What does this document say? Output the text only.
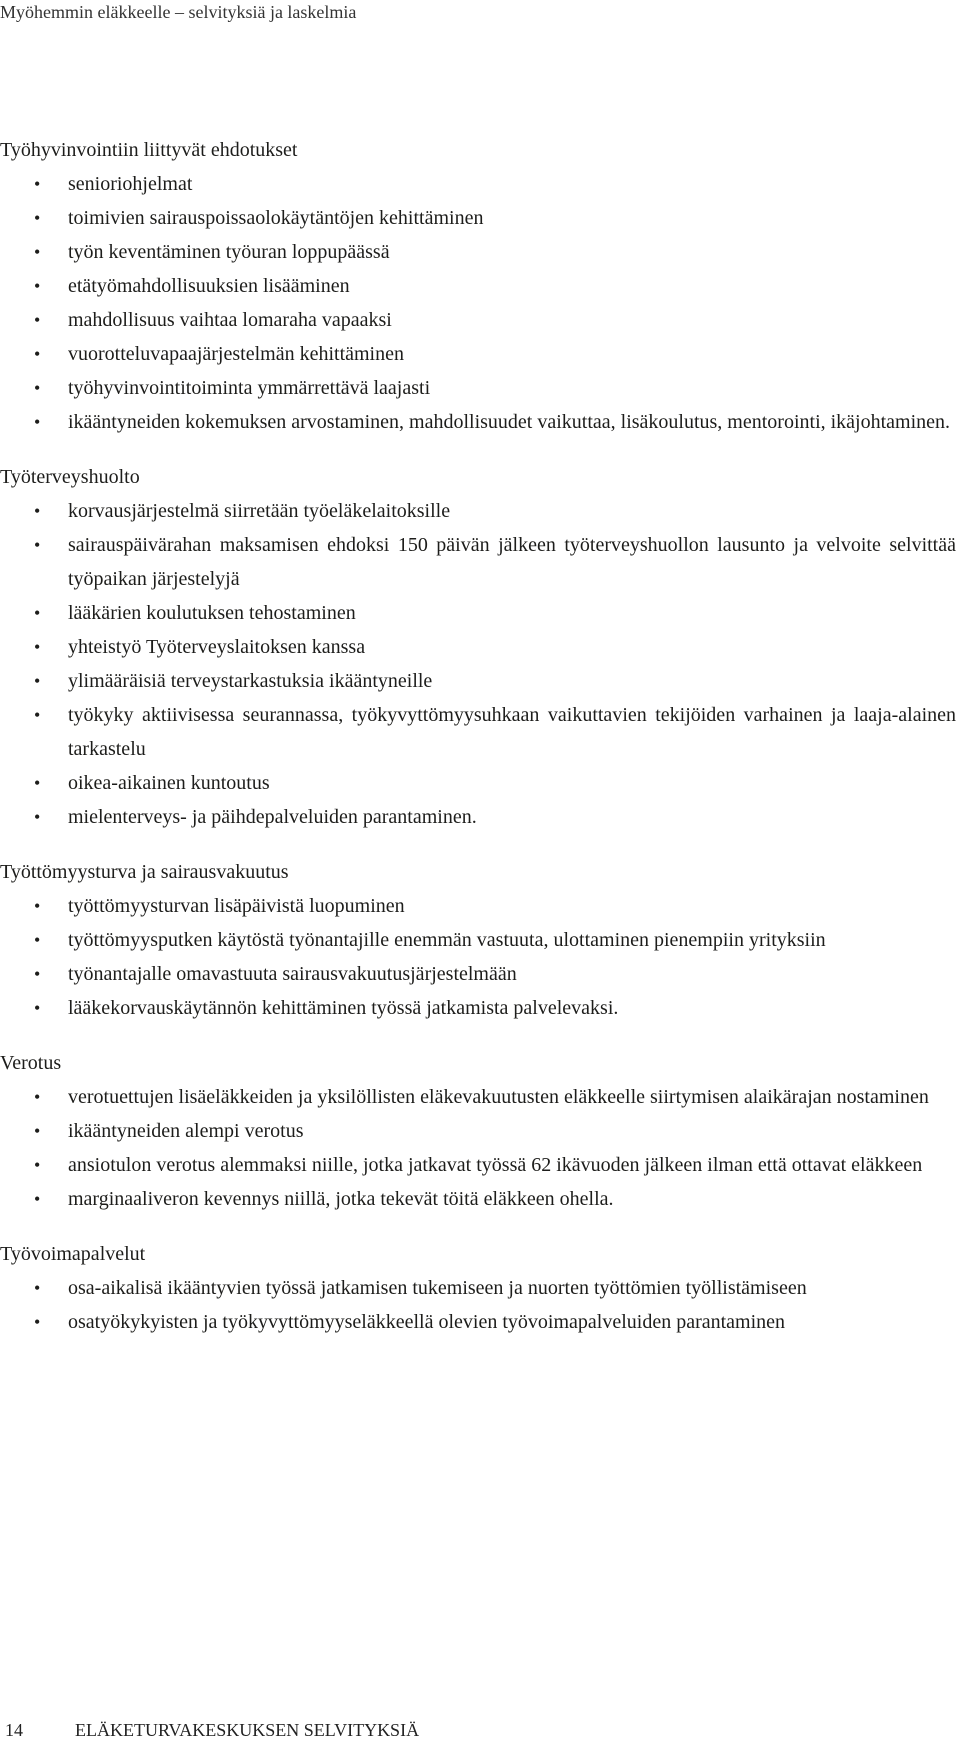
Myöhemmin eläkkeelle – selvityksiä ja laskelmia
Työhyvinvointiin liittyvät ehdotukset
• senioriohjelmat
• toimivien sairauspoissaolokäytäntöjen kehittäminen
• työn keventäminen työuran loppupäässä
• etätyömahdollisuuksien lisääminen
• mahdollisuus vaihtaa lomaraha vapaaksi
• vuorotteluvapaajärjestelmän kehittäminen
• työhyvinvointitoiminta ymmärrettävä laajasti
• ikääntyneiden kokemuksen arvostaminen, mahdollisuudet vaikuttaa, lisäkoulutus, mentorointi, ikäjohtaminen.
Työterveyshuolto
• korvausjärjestelmä siirretään työeläkelaitoksille
• sairauspäivärahan maksamisen ehdoksi 150 päivän jälkeen työterveyshuollon lausunto ja velvoite selvittää työpaikan järjestelyjä
• lääkärien koulutuksen tehostaminen
• yhteistyö Työterveyslaitoksen kanssa
• ylimääräisiä terveystarkastuksia ikääntyneille
• työkyky aktiivisessa seurannassa, työkyvyttömyysuhkaan vaikuttavien tekijöiden varhainen ja laaja-alainen tarkastelu
• oikea-aikainen kuntoutus
• mielenterveys- ja päihdepalveluiden parantaminen.
Työttömyysturva ja sairausvakuutus
• työttömyysturvan lisäpäivistä luopuminen
• työttömyysputken käytöstä työnantajille enemmän vastuuta, ulottaminen pienempiin yrityksiin
• työnantajalle omavastuuta sairausvakuutusjärjestelmään
• lääkekorvauskäytännön kehittäminen työssä jatkamista palvelevaksi.
Verotus
• verotuettujen lisäeläkkeiden ja yksilöllisten eläkevakuutusten eläkkeelle siirtymisen alaikärajan nostaminen
• ikääntyneiden alempi verotus
• ansiotulon verotus alemmaksi niille, jotka jatkavat työssä 62 ikävuoden jälkeen ilman että ottavat eläkkeen
• marginaaliveron kevennys niillä, jotka tekevät töitä eläkkeen ohella.
Työvoimapalvelut
• osa-aikalisä ikääntyvien työssä jatkamisen tukemiseen ja nuorten työttömien työllistämiseen
• osatyökykyisten ja työkyvyttömyyseläkkeellä olevien työvoimapalveluiden parantaminen
14	ELÄKETURVAKESKUKSEN SELVITYKSIÄ
